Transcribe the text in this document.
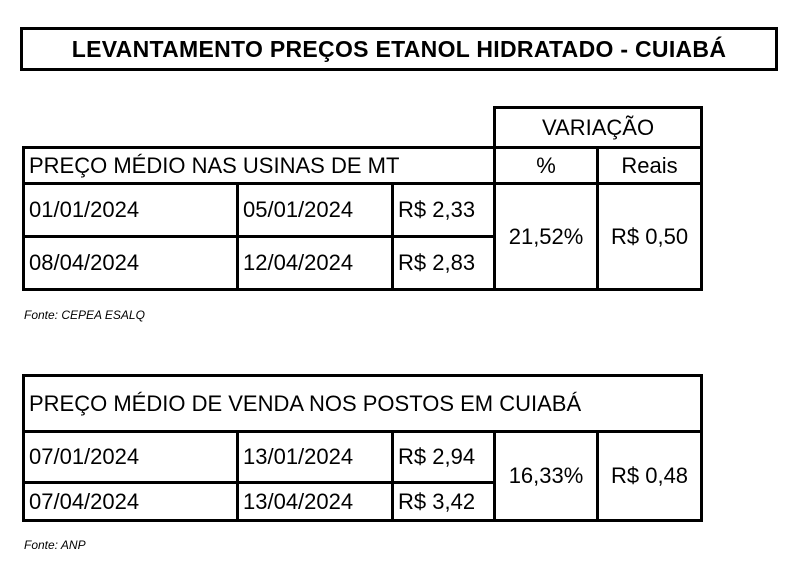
LEVANTAMENTO PREÇOS ETANOL HIDRATADO - CUIABÁ
			VARIAÇÃO	
PREÇO MÉDIO NAS USINAS DE MT			%	Reais
01/01/2024	05/01/2024	R$ 2,33	21,52%	R$ 0,50
08/04/2024	12/04/2024	R$ 2,83		
Fonte: CEPEA ESALQ
PREÇO MÉDIO DE VENDA NOS POSTOS EM CUIABÁ				
07/01/2024	13/01/2024	R$ 2,94	16,33%	R$ 0,48
07/04/2024	13/04/2024	R$ 3,42		
Fonte: ANP
